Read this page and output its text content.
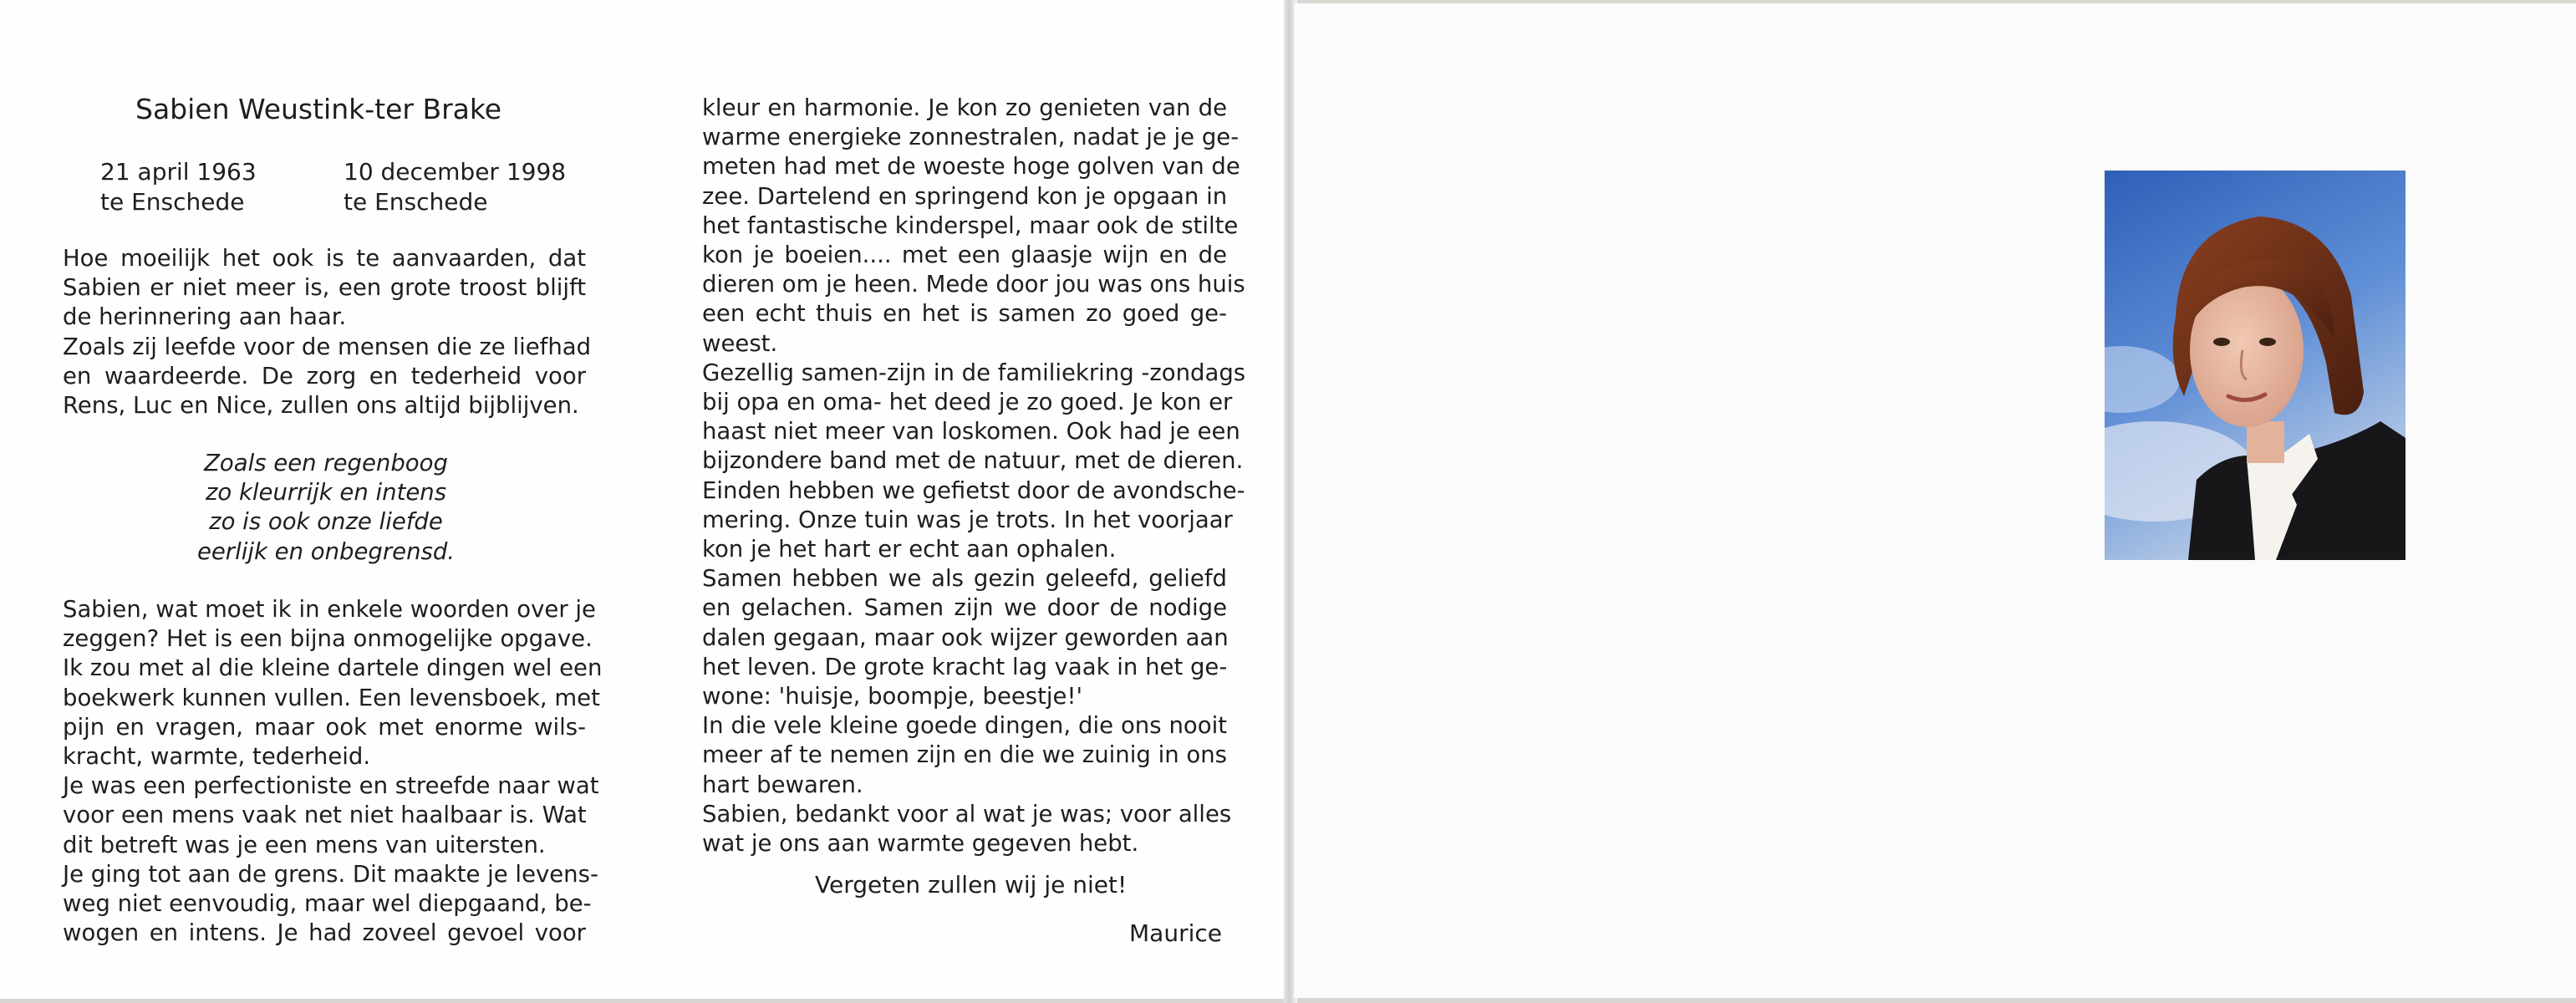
Sabien Weustink-ter Brake
21 april 1963
te Enschede
10 december 1998
te Enschede
Hoe moeilijk het ook is te aanvaarden, dat
Sabien er niet meer is, een grote troost blijft
de herinnering aan haar.
Zoals zij leefde voor de mensen die ze liefhad
en waardeerde. De zorg en tederheid voor
Rens, Luc en Nice, zullen ons altijd bijblijven.
Zoals een regenboog
zo kleurrijk en intens
zo is ook onze liefde
eerlijk en onbegrensd.
Sabien, wat moet ik in enkele woorden over je
zeggen? Het is een bijna onmogelijke opgave.
Ik zou met al die kleine dartele dingen wel een
boekwerk kunnen vullen. Een levensboek, met
pijn en vragen, maar ook met enorme wils-
kracht, warmte, tederheid.
Je was een perfectioniste en streefde naar wat
voor een mens vaak net niet haalbaar is. Wat
dit betreft was je een mens van uitersten.
Je ging tot aan de grens. Dit maakte je levens-
weg niet eenvoudig, maar wel diepgaand, be-
wogen en intens. Je had zoveel gevoel voor
kleur en harmonie. Je kon zo genieten van de
warme energieke zonnestralen, nadat je je ge-
meten had met de woeste hoge golven van de
zee. Dartelend en springend kon je opgaan in
het fantastische kinderspel, maar ook de stilte
kon je boeien.... met een glaasje wijn en de
dieren om je heen. Mede door jou was ons huis
een echt thuis en het is samen zo goed ge-
weest.
Gezellig samen-zijn in de familiekring -zondags
bij opa en oma- het deed je zo goed. Je kon er
haast niet meer van loskomen. Ook had je een
bijzondere band met de natuur, met de dieren.
Einden hebben we gefietst door de avondsche-
mering. Onze tuin was je trots. In het voorjaar
kon je het hart er echt aan ophalen.
Samen hebben we als gezin geleefd, geliefd
en gelachen. Samen zijn we door de nodige
dalen gegaan, maar ook wijzer geworden aan
het leven. De grote kracht lag vaak in het ge-
wone: 'huisje, boompje, beestje!'
In die vele kleine goede dingen, die ons nooit
meer af te nemen zijn en die we zuinig in ons
hart bewaren.
Sabien, bedankt voor al wat je was; voor alles
wat je ons aan warmte gegeven hebt.
Vergeten zullen wij je niet!
Maurice
